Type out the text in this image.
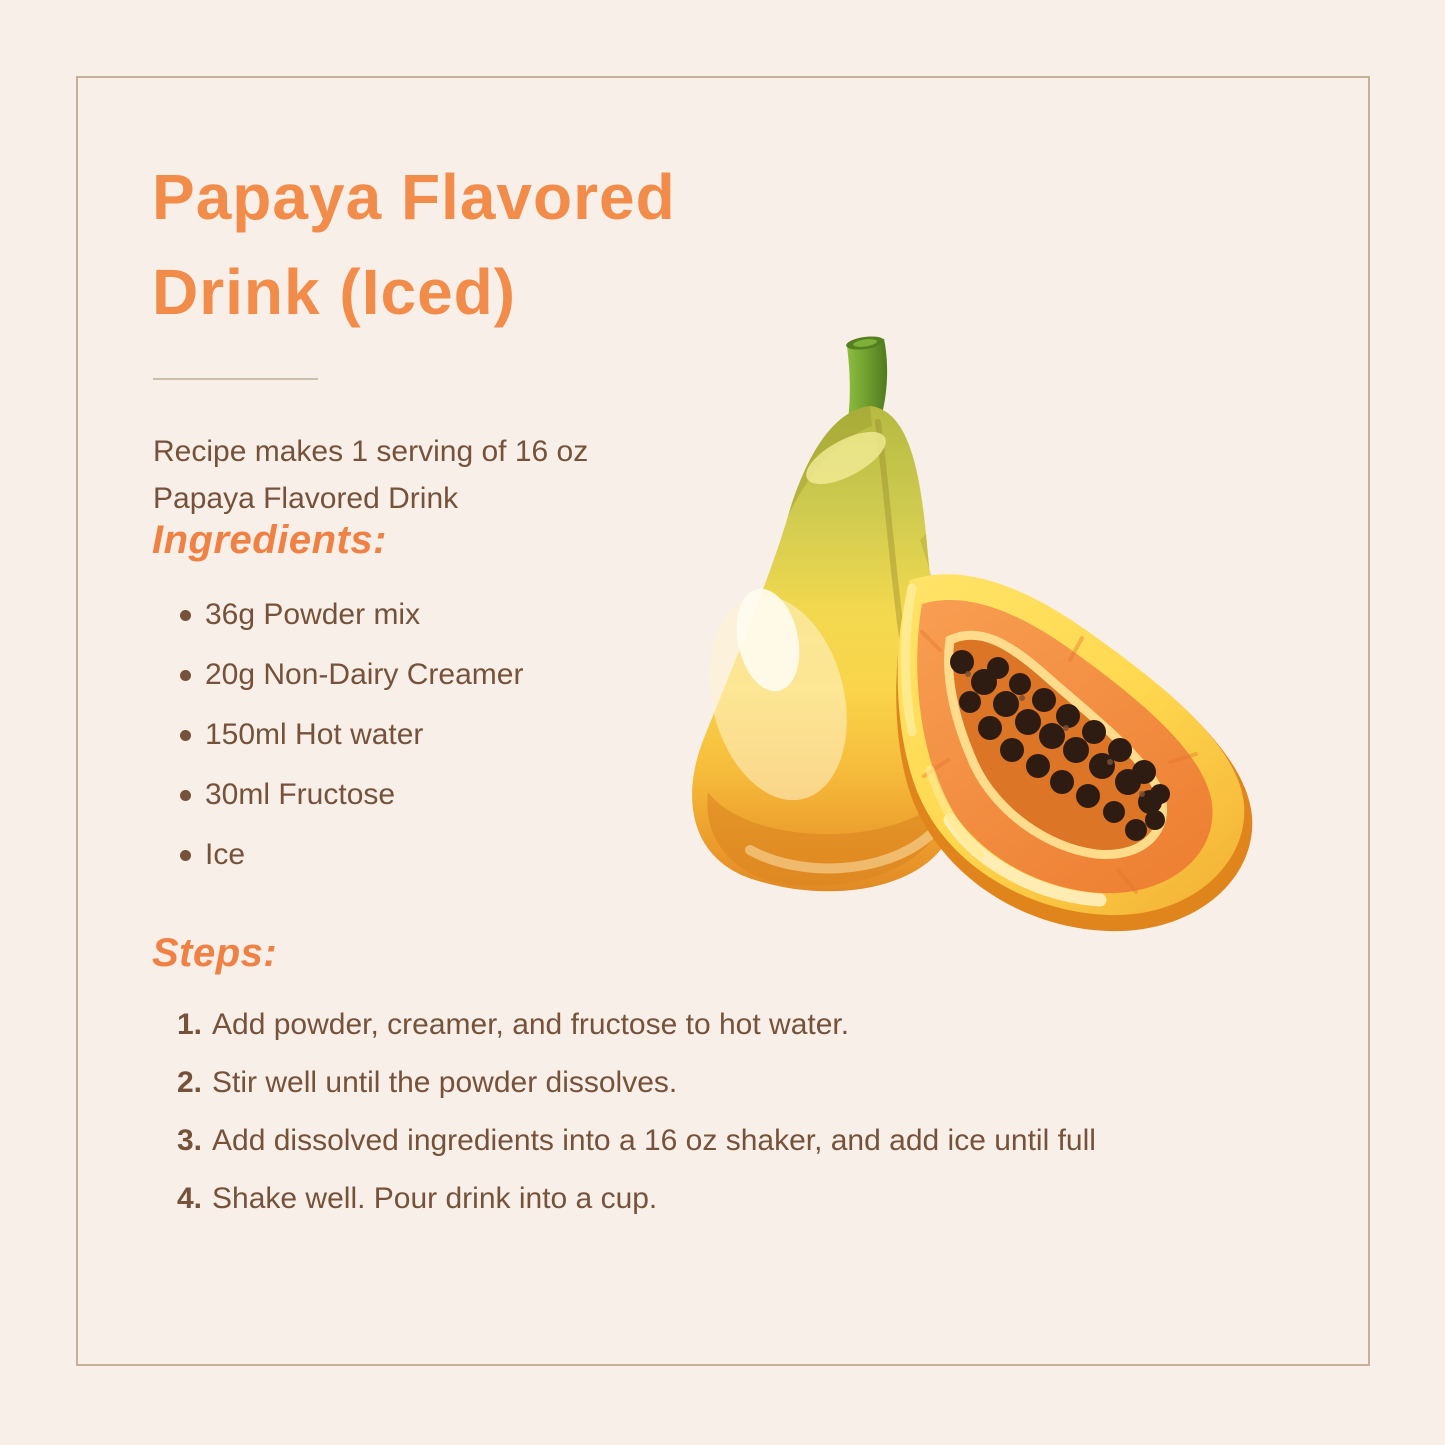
Papaya Flavored
Drink (Iced)

Recipe makes 1 serving of 16 oz Papaya Flavored Drink

Ingredients:
36g Powder mix
20g Non-Dairy Creamer
150ml Hot water
30ml Fructose
Ice
Steps:
1. Add powder, creamer, and fructose to hot water.
2. Stir well until the powder dissolves.
3. Add dissolved ingredients into a 16 oz shaker, and add ice until full
4. Shake well. Pour drink into a cup.
